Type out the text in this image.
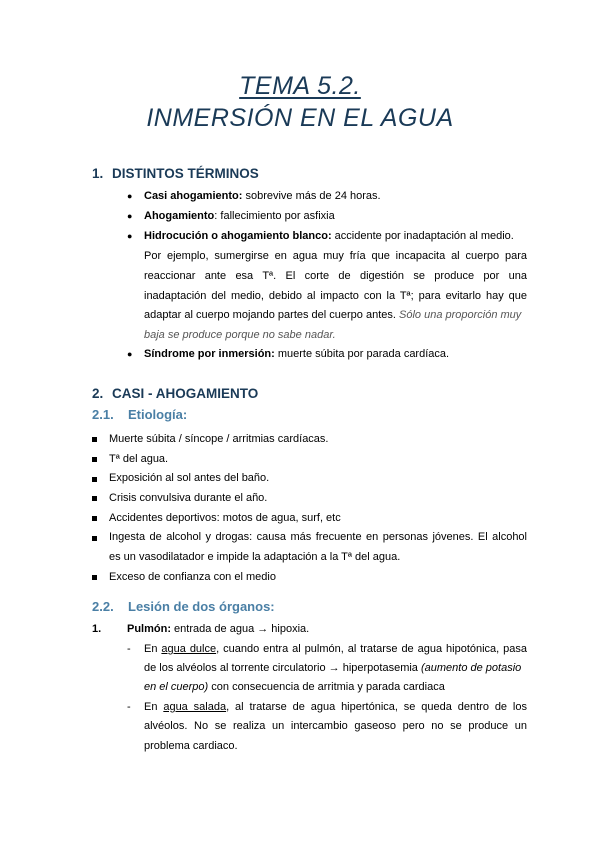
TEMA 5.2.
INMERSIÓN EN EL AGUA
1. DISTINTOS TÉRMINOS
● Casi ahogamiento: sobrevive más de 24 horas.
● Ahogamiento: fallecimiento por asfixia
● Hidrocución o ahogamiento blanco: accidente por inadaptación al medio.
Por ejemplo, sumergirse en agua muy fría que incapacita al cuerpo para
reaccionar ante esa Tª. El corte de digestión se produce por una
inadaptación del medio, debido al impacto con la Tª; para evitarlo hay que
adaptar al cuerpo mojando partes del cuerpo antes. Sólo una proporción muy
baja se produce porque no sabe nadar.
● Síndrome por inmersión: muerte súbita por parada cardíaca.
2. CASI - AHOGAMIENTO
2.1. Etiología:
Muerte súbita / síncope / arritmias cardíacas.
Tª del agua.
Exposición al sol antes del baño.
Crisis convulsiva durante el año.
Accidentes deportivos: motos de agua, surf, etc
Ingesta de alcohol y drogas: causa más frecuente en personas jóvenes. El alcohol
es un vasodilatador e impide la adaptación a la Tª del agua.
Exceso de confianza con el medio
2.2. Lesión de dos órganos:
1. Pulmón: entrada de agua → hipoxia.
- En agua dulce, cuando entra al pulmón, al tratarse de agua hipotónica, pasa
de los alvéolos al torrente circulatorio → hiperpotasemia (aumento de potasio
en el cuerpo) con consecuencia de arritmia y parada cardiaca
- En agua salada, al tratarse de agua hipertónica, se queda dentro de los
alvéolos. No se realiza un intercambio gaseoso pero no se produce un
problema cardiaco.
